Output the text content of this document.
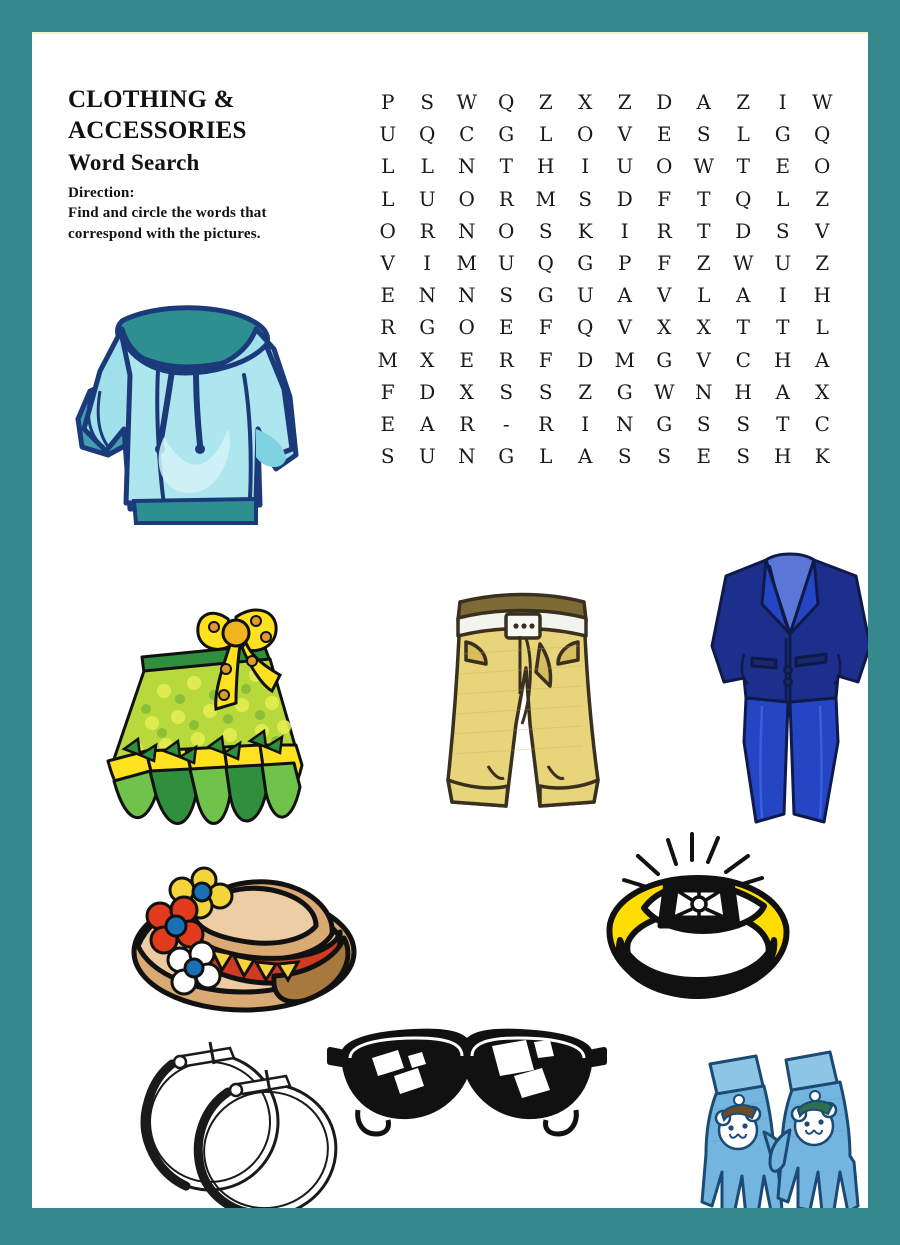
CLOTHING &
ACCESSORIES
Word Search
Direction:
Find and circle the words that
correspond with the pictures.
P	S	W	Q	Z	X	Z	D	A	Z	I	W
U	Q	C	G	L	O	V	E	S	L	G	Q
L	L	N	T	H	I	U	O	W	T	E	O
L	U	O	R	M	S	D	F	T	Q	L	Z
O	R	N	O	S	K	I	R	T	D	S	V
V	I	M	U	Q	G	P	F	Z	W	U	Z
E	N	N	S	G	U	A	V	L	A	I	H
R	G	O	E	F	Q	V	X	X	T	T	L
M	X	E	R	F	D	M	G	V	C	H	A
F	D	X	S	S	Z	G	W	N	H	A	X
E	A	R	-	R	I	N	G	S	S	T	C
S	U	N	G	L	A	S	S	E	S	H	K
